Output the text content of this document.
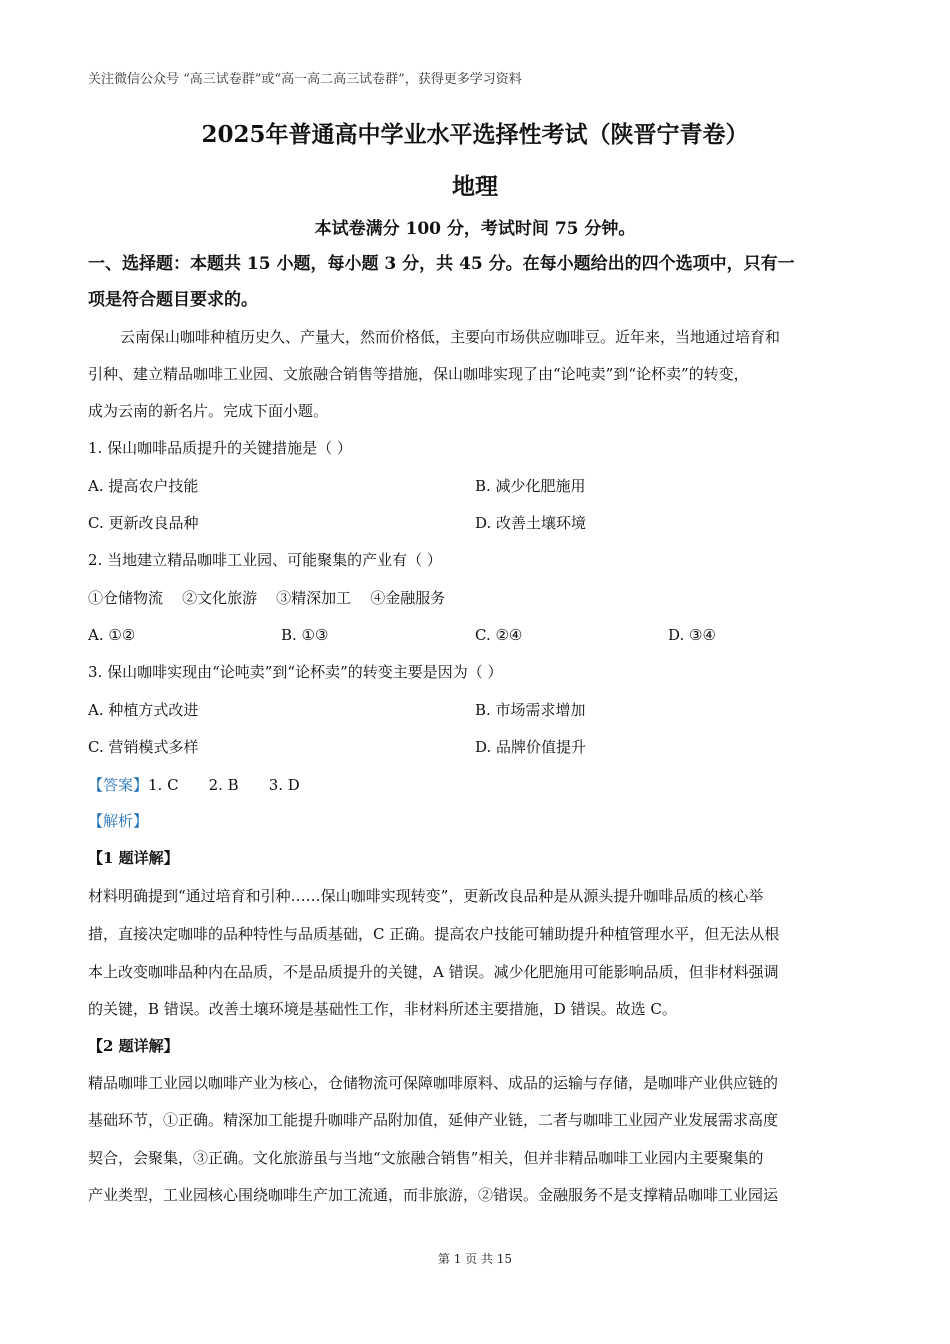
关注微信公众号 “高三试卷群”或“高一高二高三试卷群”，获得更多学习资料
2025年普通高中学业水平选择性考试（陕晋宁青卷）
地理
本试卷满分 100 分，考试时间 75 分钟。
一、选择题：本题共 15 小题，每小题 3 分，共 45 分。在每小题给出的四个选项中，只有一
项是符合题目要求的。
云南保山咖啡种植历史久、产量大，然而价格低，主要向市场供应咖啡豆。近年来，当地通过培育和
引种、建立精品咖啡工业园、文旅融合销售等措施，保山咖啡实现了由“论吨卖”到“论杯卖”的转变，
成为云南的新名片。完成下面小题。
1. 保山咖啡品质提升的关键措施是（ ）
A. 提高农户技能	B. 减少化肥施用
C. 更新改良品种	D. 改善土壤环境
2. 当地建立精品咖啡工业园、可能聚集的产业有（ ）
①仓储物流    ②文化旅游    ③精深加工    ④金融服务
A. ①②	B. ①③	C. ②④	D. ③④
3. 保山咖啡实现由“论吨卖”到“论杯卖”的转变主要是因为（ ）
A. 种植方式改进	B. 市场需求增加
C. 营销模式多样	D. 品牌价值提升
【答案】1. C 2. B 3. D
【解析】
【1 题详解】
材料明确提到“通过培育和引种……保山咖啡实现转变”，更新改良品种是从源头提升咖啡品质的核心举
措，直接决定咖啡的品种特性与品质基础，C 正确。提高农户技能可辅助提升种植管理水平，但无法从根
本上改变咖啡品种内在品质，不是品质提升的关键，A 错误。减少化肥施用可能影响品质，但非材料强调
的关键，B 错误。改善土壤环境是基础性工作，非材料所述主要措施，D 错误。故选 C。
【2 题详解】
精品咖啡工业园以咖啡产业为核心，仓储物流可保障咖啡原料、成品的运输与存储，是咖啡产业供应链的
基础环节，①正确。精深加工能提升咖啡产品附加值，延伸产业链，二者与咖啡工业园产业发展需求高度
契合，会聚集，③正确。文化旅游虽与当地“文旅融合销售”相关，但并非精品咖啡工业园内主要聚集的
产业类型，工业园核心围绕咖啡生产加工流通，而非旅游，②错误。金融服务不是支撑精品咖啡工业园运
第 1 页 共 15
